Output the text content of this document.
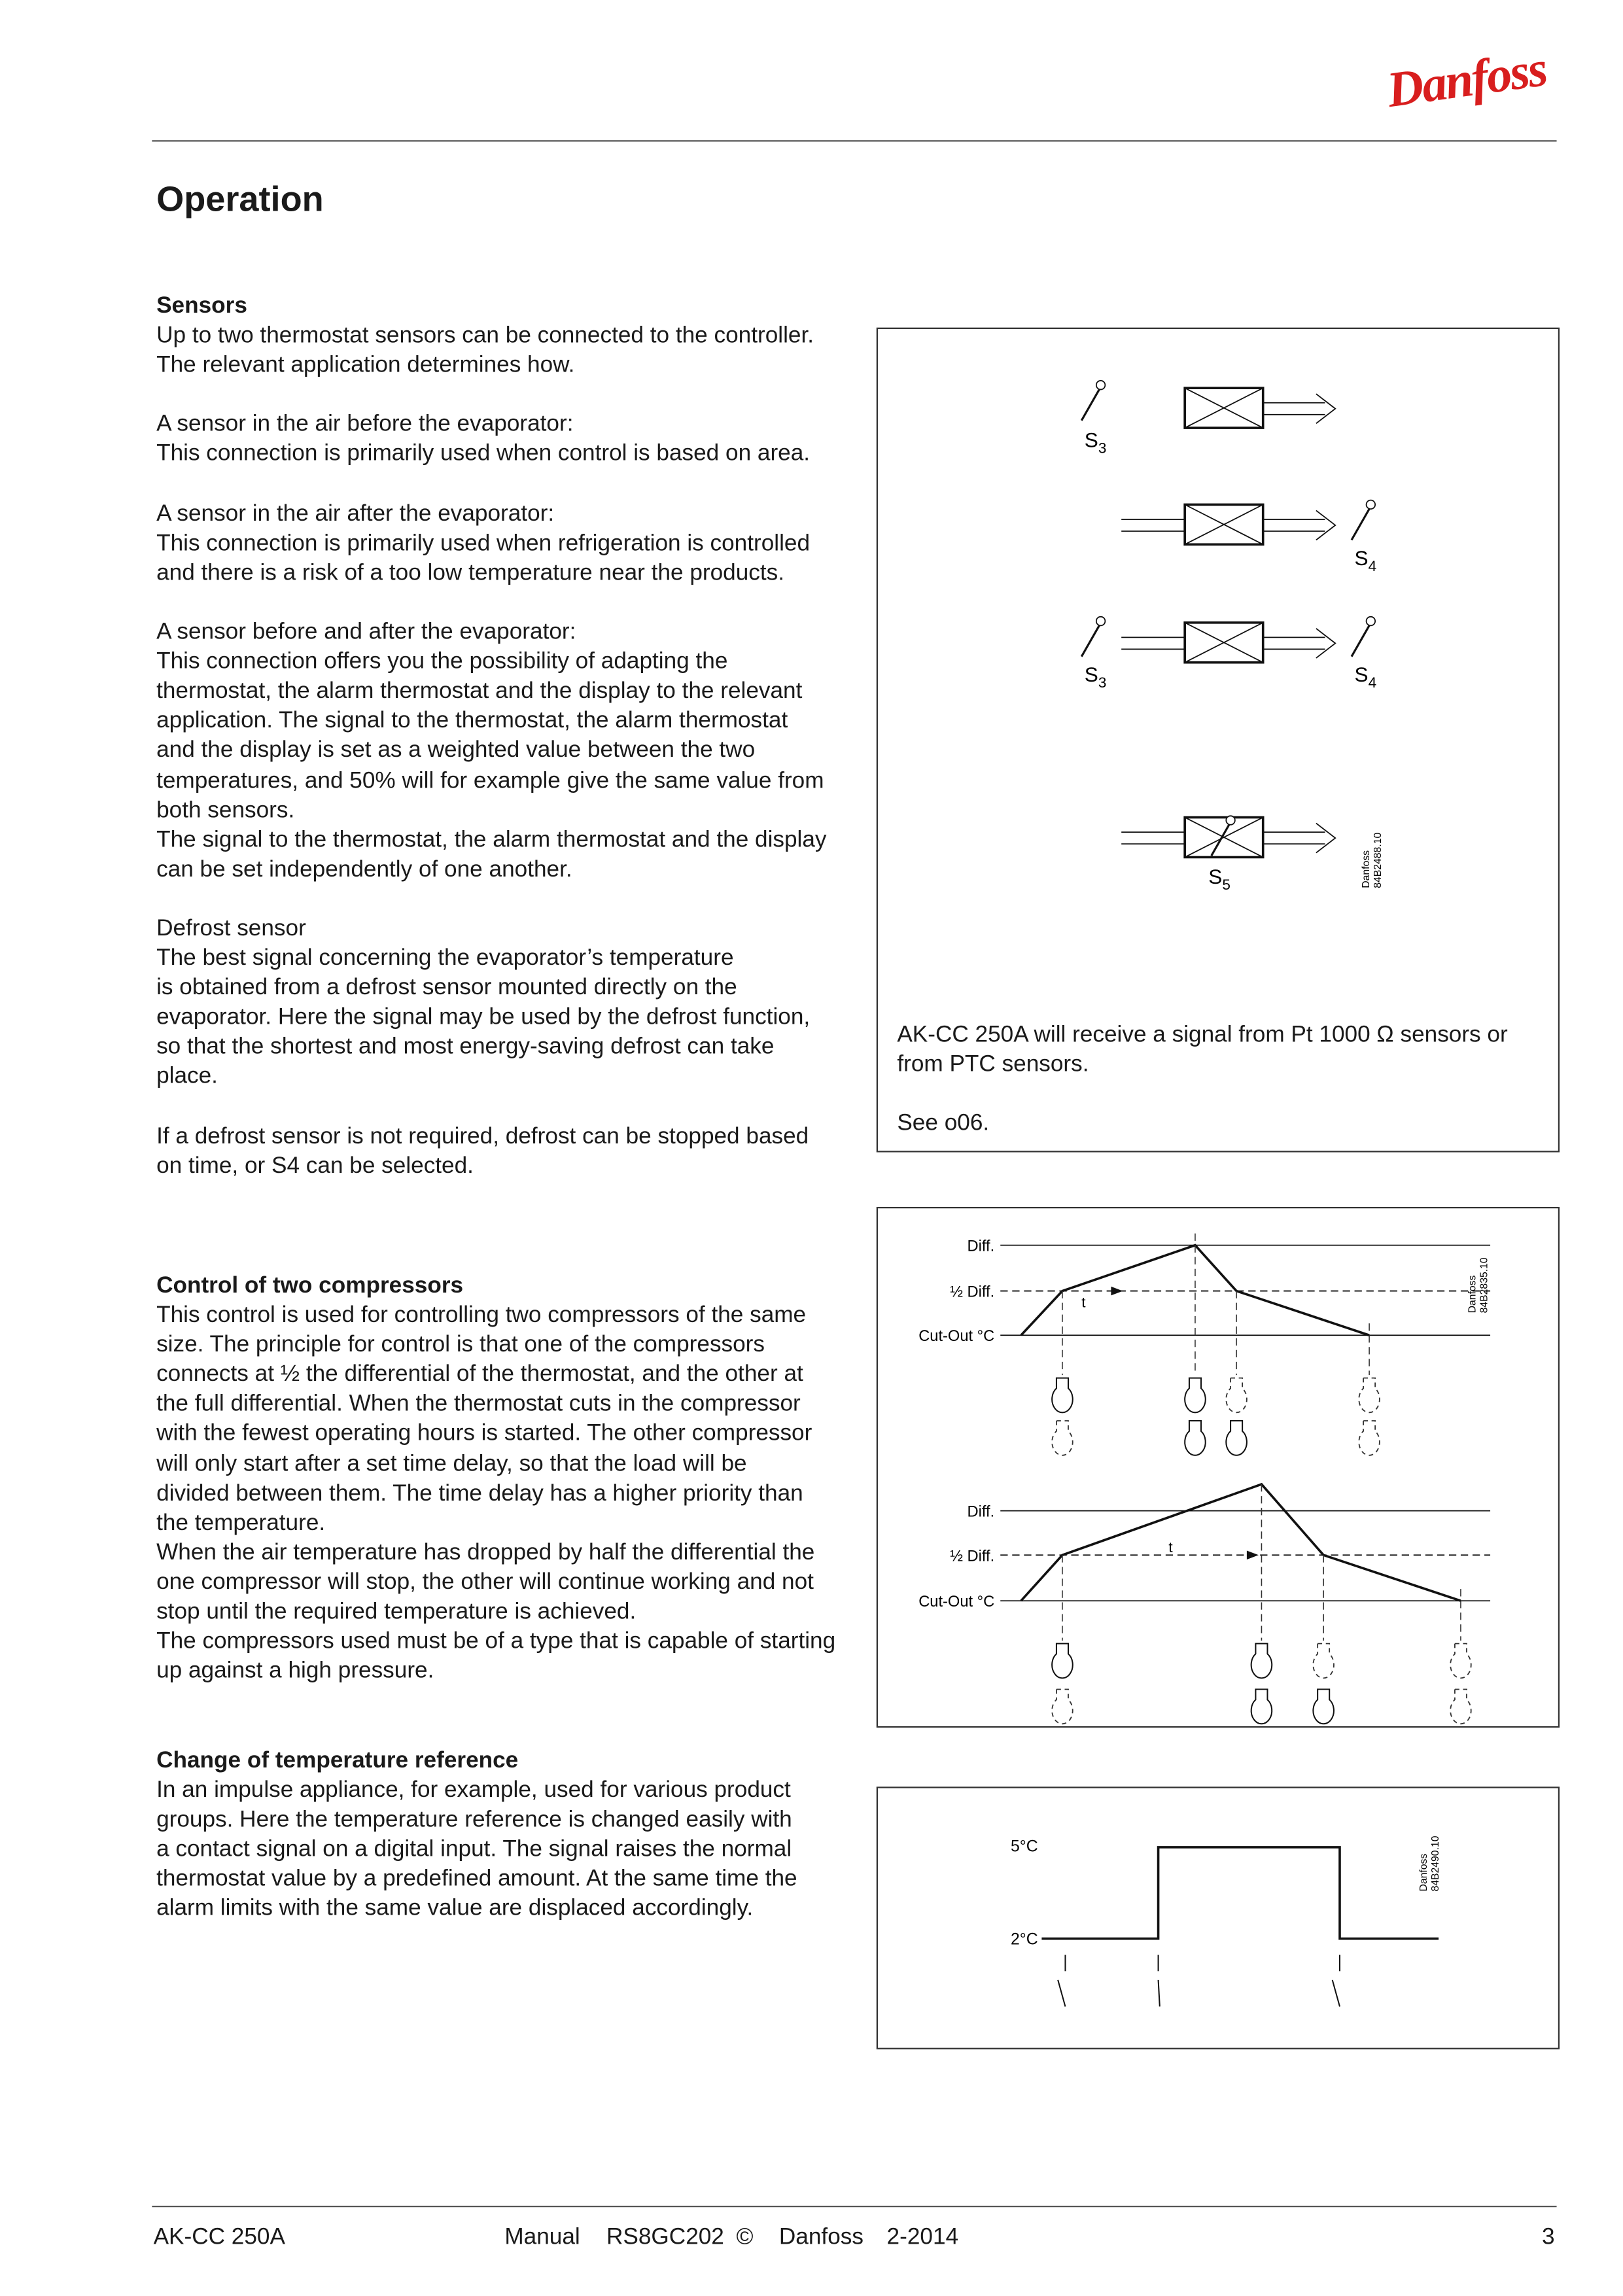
Danfoss
Operation
Sensors
Up to two thermostat sensors can be connected to the controller.
The relevant application determines how.
A sensor in the air before the evaporator:
This connection is primarily used when control is based on area.
A sensor in the air after the evaporator:
This connection is primarily used when refrigeration is controlled
and there is a risk of a too low temperature near the products.
A sensor before and after the evaporator:
This connection offers you the possibility of adapting the
thermostat, the alarm thermostat and the display to the relevant
application. The signal to the thermostat, the alarm thermostat
and the display is set as a weighted value between the two
temperatures, and 50% will for example give the same value from
both sensors.
The signal to the thermostat, the alarm thermostat and the display
can be set independently of one another.
Defrost sensor
The best signal concerning the evaporator’s temperature
is obtained from a defrost sensor mounted directly on the
evaporator. Here the signal may be used by the defrost function,
so that the shortest and most energy-saving defrost can take
place.
If a defrost sensor is not required, defrost can be stopped based
on time, or S4 can be selected.
Control of two compressors
This control is used for controlling two compressors of the same
size. The principle for control is that one of the compressors
connects at ½ the differential of the thermostat, and the other at
the full differential. When the thermostat cuts in the compressor
with the fewest operating hours is started. The other compressor
will only start after a set time delay, so that the load will be
divided between them. The time delay has a higher priority than
the temperature.
When the air temperature has dropped by half the differential the
one compressor will stop, the other will continue working and not
stop until the required temperature is achieved.
The compressors used must be of a type that is capable of starting
up against a high pressure.
Change of temperature reference
In an impulse appliance, for example, used for various product
groups. Here the temperature reference is changed easily with
a contact signal on a digital input. The signal raises the normal
thermostat value by a predefined amount. At the same time the
alarm limits with the same value are displaced accordingly.
AK-CC 250A will receive a signal from Pt 1000 Ω sensors or
from PTC sensors.
See o06.
$S_3$
$S_4$
$S_3$	$S_4$
$S_5$	Danfoss84B2488.10
Diff.
½ Diff.
Cut-Out °C
t	Danfoss84B2835.10
Diff.
½ Diff.
Cut-Out °C
t
5°C
2°C
Danfoss84B2490.10
AK-CC 250A	Manual	RS8GC202 ©	Danfoss 2-2014	3
